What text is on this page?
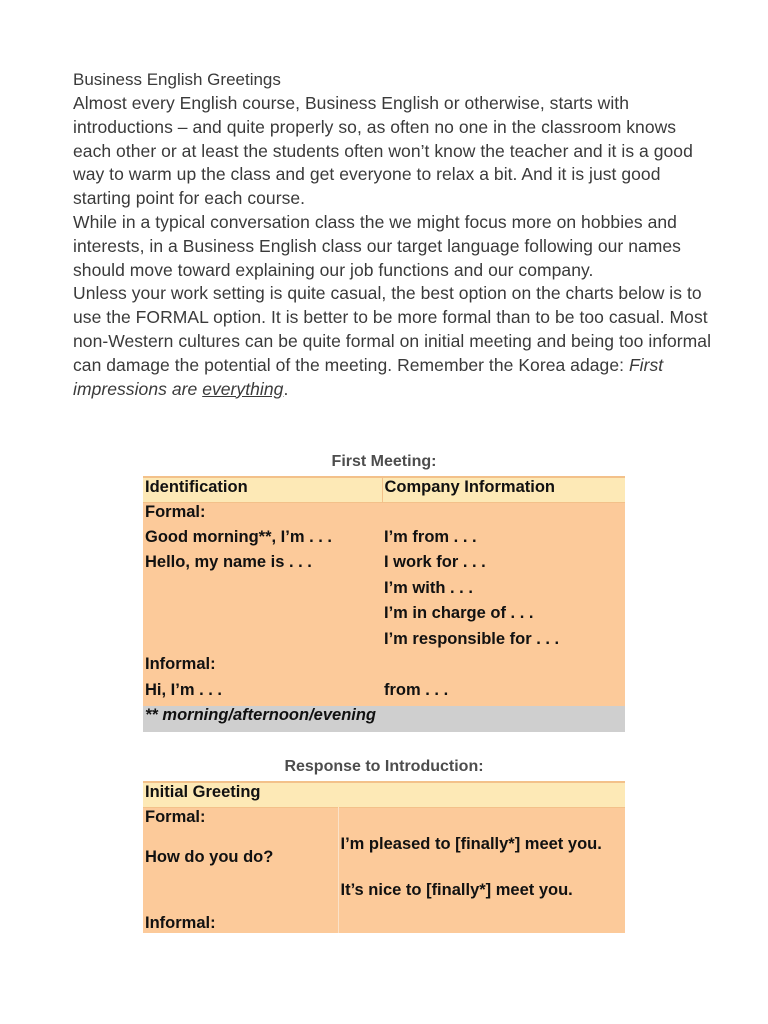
Business English Greetings

Almost every English course, Business English or otherwise, starts with introductions – and quite properly so, as often no one in the classroom knows each other or at least the students often won’t know the teacher and it is a good way to warm up the class and get everyone to relax a bit. And it is just good starting point for each course.

While in a typical conversation class the we might focus more on hobbies and interests, in a Business English class our target language following our names should move toward explaining our job functions and our company.

Unless your work setting is quite casual, the best option on the charts below is to use the FORMAL option. It is better to be more formal than to be too casual. Most non-Western cultures can be quite formal on initial meeting and being too informal can damage the potential of the meeting. Remember the Korea adage: First impressions are everything.

First Meeting:
Identification	Company Information
Formal:	
Good morning**, I’m . . .	I’m from . . .
Hello, my name is . . .	I work for . . .
	I’m with . . .
	I’m in charge of . . .
	I’m responsible for . . .
Informal:	
Hi, I’m . . .	from . . .
** morning/afternoon/evening	
Response to Introduction:
Initial Greeting	
Formal:	
How do you do?	I’m pleased to [finally*] meet you.
	It’s nice to [finally*] meet you.
Informal:	
